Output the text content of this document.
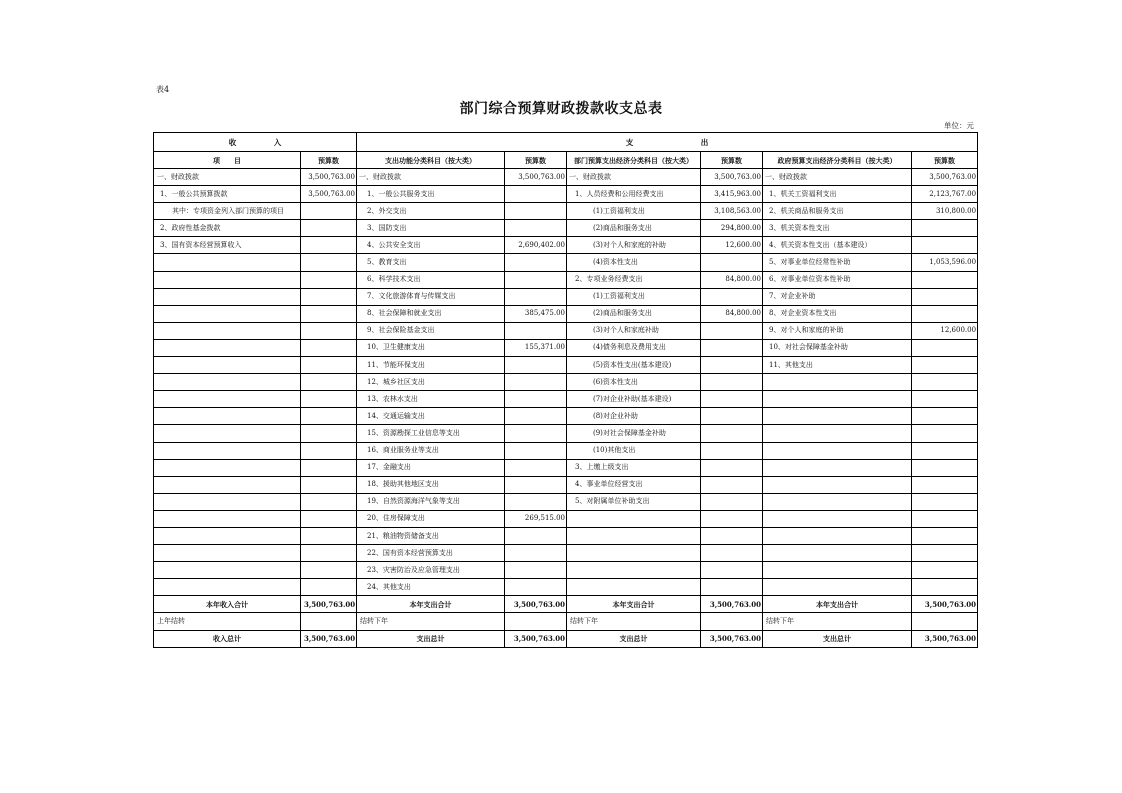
表4
部门综合预算财政拨款收支总表
单位：元
收　　　　　入		支　　　　　　　　　出					
项　　目	预算数	支出功能分类科目（按大类）	预算数	部门预算支出经济分类科目（按大类）	预算数	政府预算支出经济分类科目（按大类）	预算数
一、财政拨款	3,500,763.00	一、财政拨款	3,500,763.00	一、财政拨款	3,500,763.00	一、财政拨款	3,500,763.00
1、一般公共预算拨款	3,500,763.00	1、一般公共服务支出		1、人员经费和公用经费支出	3,415,963.00	1、机关工资福利支出	2,123,767.00
其中：专项资金列入部门预算的项目		2、外交支出		(1)工资福利支出	3,108,563.00	2、机关商品和服务支出	310,800.00
2、政府性基金拨款		3、国防支出		(2)商品和服务支出	294,800.00	3、机关资本性支出	
3、国有资本经营预算收入		4、公共安全支出	2,690,402.00	(3)对个人和家庭的补助	12,600.00	4、机关资本性支出（基本建设）	
		5、教育支出		(4)资本性支出		5、对事业单位经常性补助	1,053,596.00
		6、科学技术支出		2、专项业务经费支出	84,800.00	6、对事业单位资本性补助	
		7、文化旅游体育与传媒支出		(1)工资福利支出		7、对企业补助	
		8、社会保障和就业支出	385,475.00	(2)商品和服务支出	84,800.00	8、对企业资本性支出	
		9、社会保险基金支出		(3)对个人和家庭补助		9、对个人和家庭的补助	12,600.00
		10、卫生健康支出	155,371.00	(4)债务利息及费用支出		10、对社会保障基金补助	
		11、节能环保支出		(5)资本性支出(基本建设)		11、其他支出	
		12、城乡社区支出		(6)资本性支出			
		13、农林水支出		(7)对企业补助(基本建设)			
		14、交通运输支出		(8)对企业补助			
		15、资源勘探工业信息等支出		(9)对社会保障基金补助			
		16、商业服务业等支出		(10)其他支出			
		17、金融支出		3、上缴上级支出			
		18、援助其他地区支出		4、事业单位经营支出			
		19、自然资源海洋气象等支出		5、对附属单位补助支出			
		20、住房保障支出	269,515.00				
		21、粮油物资储备支出					
		22、国有资本经营预算支出					
		23、灾害防治及应急管理支出					
		24、其他支出					
本年收入合计	3,500,763.00	本年支出合计	3,500,763.00	本年支出合计	3,500,763.00	本年支出合计	3,500,763.00
上年结转		结转下年		结转下年		结转下年	
收入总计	3,500,763.00	支出总计	3,500,763.00	支出总计	3,500,763.00	支出总计	3,500,763.00
